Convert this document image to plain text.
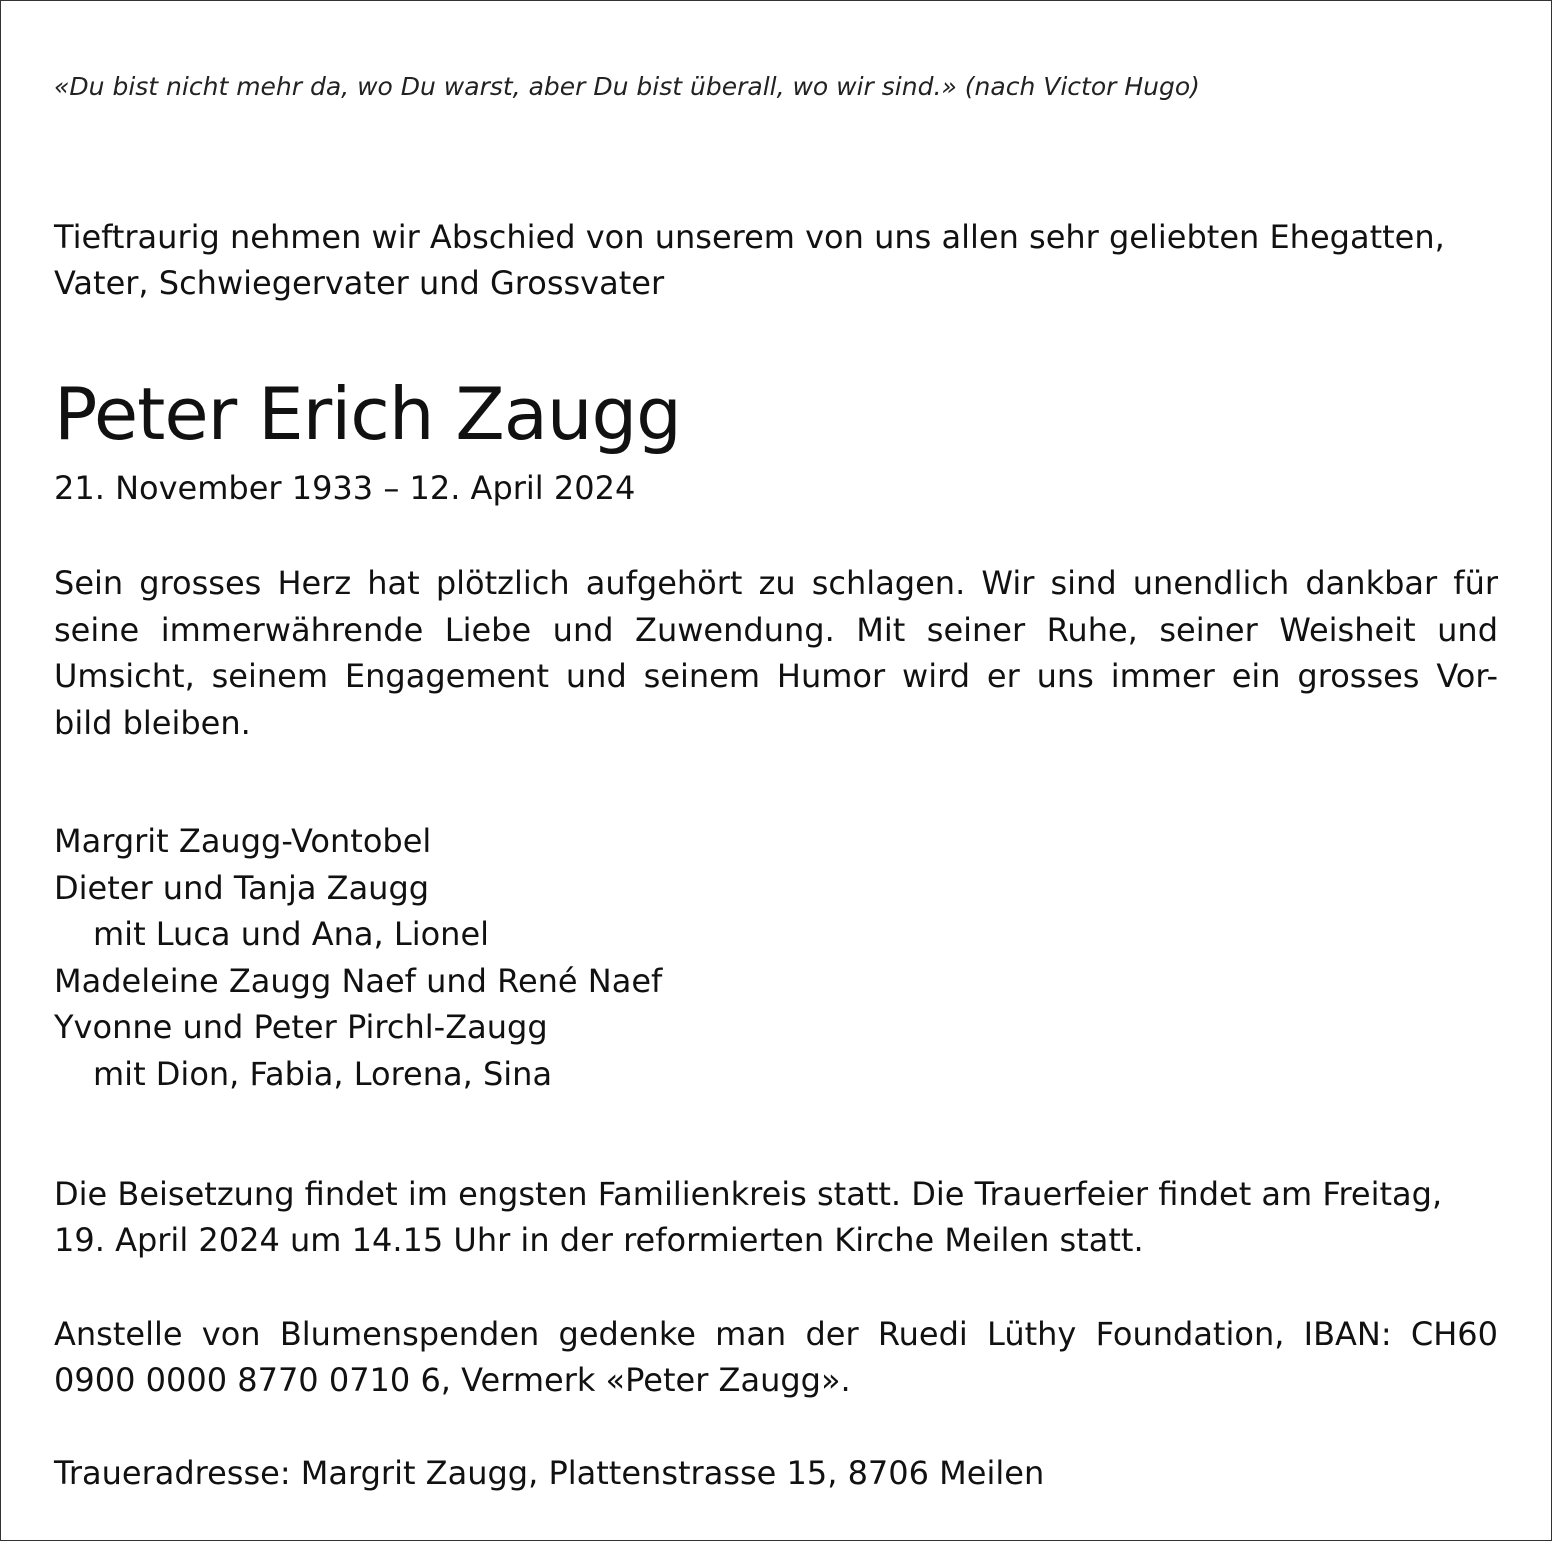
«Du bist nicht mehr da, wo Du warst, aber Du bist überall, wo wir sind.» (nach Victor Hugo)

Tieftraurig nehmen wir Abschied von unserem von uns allen sehr geliebten Ehegatten,
Vater, Schwiegervater und Grossvater

Peter Erich Zaugg

21. November 1933 – 12. April 2024

Sein grosses Herz hat plötzlich aufgehört zu schlagen. Wir sind unendlich dankbar für
seine immerwährende Liebe und Zuwendung. Mit seiner Ruhe, seiner Weisheit und
Umsicht, seinem Engagement und seinem Humor wird er uns immer ein grosses Vor-
bild bleiben.

Margrit Zaugg-Vontobel
Dieter und Tanja Zaugg
mit Luca und Ana, Lionel
Madeleine Zaugg Naef und René Naef
Yvonne und Peter Pirchl-Zaugg
mit Dion, Fabia, Lorena, Sina

Die Beisetzung findet im engsten Familienkreis statt. Die Trauerfeier findet am Freitag,
19. April 2024 um 14.15 Uhr in der reformierten Kirche Meilen statt.

Anstelle von Blumenspenden gedenke man der Ruedi Lüthy Foundation, IBAN: CH60
0900 0000 8770 0710 6, Vermerk «Peter Zaugg».

Traueradresse: Margrit Zaugg, Plattenstrasse 15, 8706 Meilen
